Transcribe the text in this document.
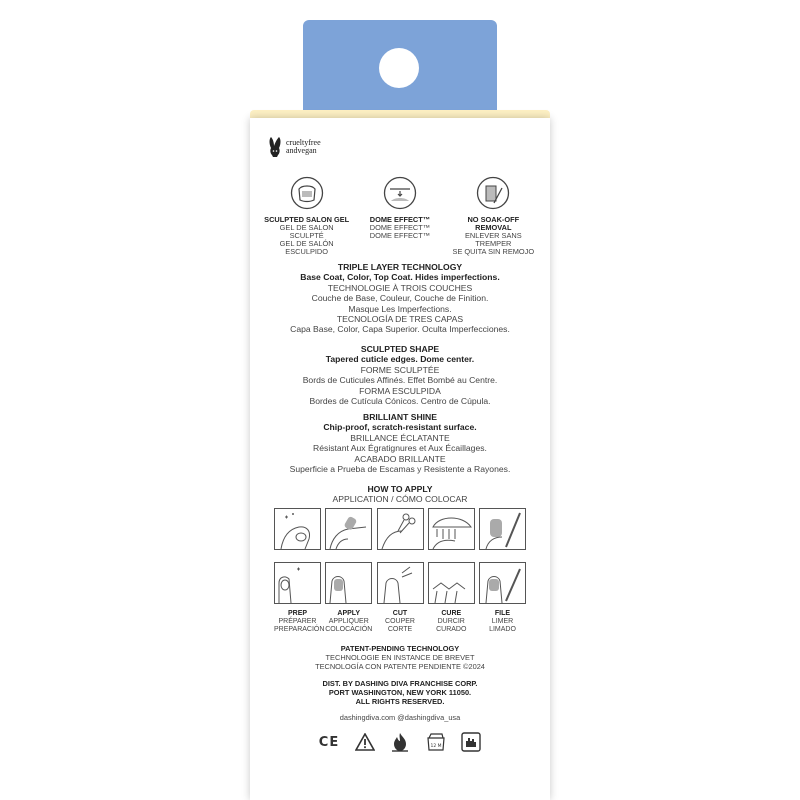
crueltyfree
andvegan
SCULPTED SALON GEL
GEL DE SALON SCULPTÉ
GEL DE SALÓN ESCULPIDO
DOME EFFECT™
DOME EFFECT™
DOME EFFECT™
NO SOAK-OFF REMOVAL
ENLEVER SANS TREMPER
SE QUITA SIN REMOJO
TRIPLE LAYER TECHNOLOGY
Base Coat, Color, Top Coat. Hides imperfections.
TECHNOLOGIE À TROIS COUCHES
Couche de Base, Couleur, Couche de Finition.
Masque Les Imperfections.
TECNOLOGÍA DE TRES CAPAS
Capa Base, Color, Capa Superior. Oculta Imperfecciones.
SCULPTED SHAPE
Tapered cuticle edges. Dome center.
FORME SCULPTÉE
Bords de Cuticules Affinés. Effet Bombé au Centre.
FORMA ESCULPIDA
Bordes de Cutícula Cónicos. Centro de Cúpula.
BRILLIANT SHINE
Chip-proof, scratch-resistant surface.
BRILLANCE ÉCLATANTE
Résistant Aux Égratignures et Aux Écaillages.
ACABADO BRILLANTE
Superficie a Prueba de Escamas y Resistente a Rayones.
HOW TO APPLY
APPLICATION / CÓMO COLOCAR
PREP
PRÉPARER
PREPARACIÓN
APPLY
APPLIQUER
COLOCACIÓN
CUT
COUPER
CORTE
CURE
DURCIR
CURADO
FILE
LIMER
LIMADO
PATENT-PENDING TECHNOLOGY
TECHNOLOGIE EN INSTANCE DE BREVET
TECNOLOGÍA CON PATENTE PENDIENTE ©2024
DIST. BY DASHING DIVA FRANCHISE CORP.
PORT WASHINGTON, NEW YORK 11050.
ALL RIGHTS RESERVED.
dashingdiva.com @dashingdiva_usa
CE	12 M
